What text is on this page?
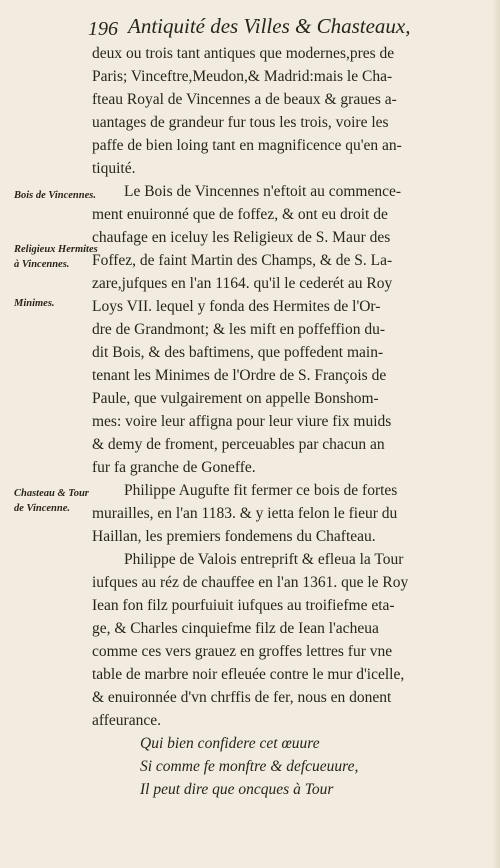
196 Antiquité des Villes & Chasteaux,
Bois de Vincennes.
Religieux Hermites à Vincennes.
Minimes.
Chasteau & Tour de Vincenne.
deux ou trois tant antiques que modernes,pres de
Paris; Vinceftre,Meudon,& Madrid:mais le Cha-
fteau Royal de Vincennes a de beaux & graues a-
uantages de grandeur fur tous les trois, voire les
paffe de bien loing tant en magnificence qu'en an-
tiquité.
Le Bois de Vincennes n'eftoit au commence-
ment enuironné que de foffez, & ont eu droit de
chaufage en iceluy les Religieux de S. Maur des
Foffez, de faint Martin des Champs, & de S. La-
zare,jufques en l'an 1164. qu'il le cederét au Roy
Loys VII. lequel y fonda des Hermites de l'Or-
dre de Grandmont; & les mift en poffeffion du-
dit Bois, & des baftimens, que poffedent main-
tenant les Minimes de l'Ordre de S. François de
Paule, que vulgairement on appelle Bonshom-
mes: voire leur affigna pour leur viure fix muids
& demy de froment, perceuables par chacun an
fur fa granche de Goneffe.
Philippe Augufte fit fermer ce bois de fortes
murailles, en l'an 1183. & y ietta felon le fieur du
Haillan, les premiers fondemens du Chafteau.
Philippe de Valois entreprift & efleua la Tour
iufques au réz de chauffee en l'an 1361. que le Roy
Iean fon filz pourfuiuit iufques au troifiefme eta-
ge, & Charles cinquiefme filz de Iean l'acheua
comme ces vers grauez en groffes lettres fur vne
table de marbre noir efleuée contre le mur d'icelle,
& enuironnée d'vn chrffis de fer, nous en donent
affeurance.
Qui bien confidere cet œuure
Si comme fe monftre & defcueuure,
Il peut dire que oncques à Tour
